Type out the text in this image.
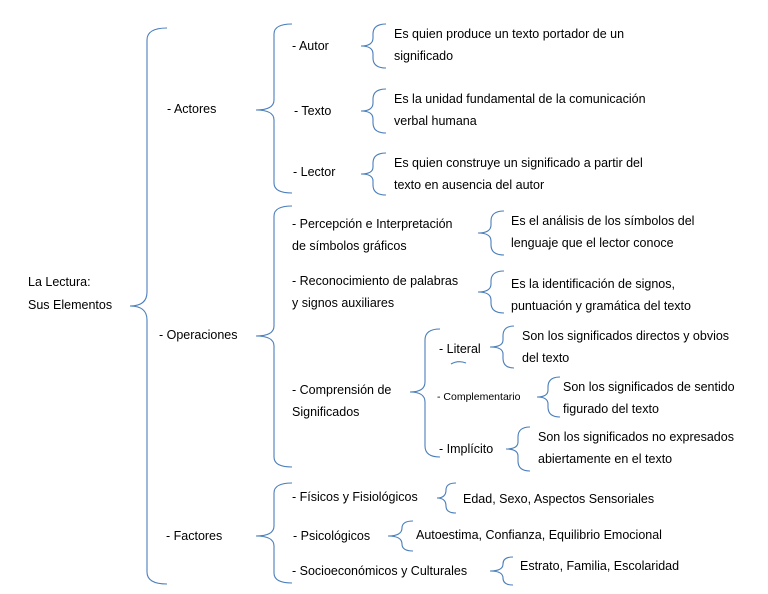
La Lectura:
Sus Elementos
- Actores
- Operaciones
- Factores
- Autor
Es quien produce un texto portador de un
significado
- Texto
Es la unidad fundamental de la comunicación
verbal humana
- Lector
Es quien construye un significado a partir del
texto en ausencia del autor
- Percepción e Interpretación
de símbolos gráficos
Es el análisis de los símbolos del
lenguaje que el lector conoce
- Reconocimiento de palabras
y signos auxiliares
Es la identificación de signos,
puntuación y gramática del texto
- Comprensión de
Significados
- Literal
Son los significados directos y obvios
del texto
- Complementario
Son los significados de sentido
figurado del texto
- Implícito
Son los significados no expresados
abiertamente en el texto
- Físicos y Fisiológicos	Edad, Sexo, Aspectos Sensoriales
- Psicológicos	Autoestima, Confianza, Equilibrio Emocional
- Socioeconómicos y Culturales	Estrato, Familia, Escolaridad
